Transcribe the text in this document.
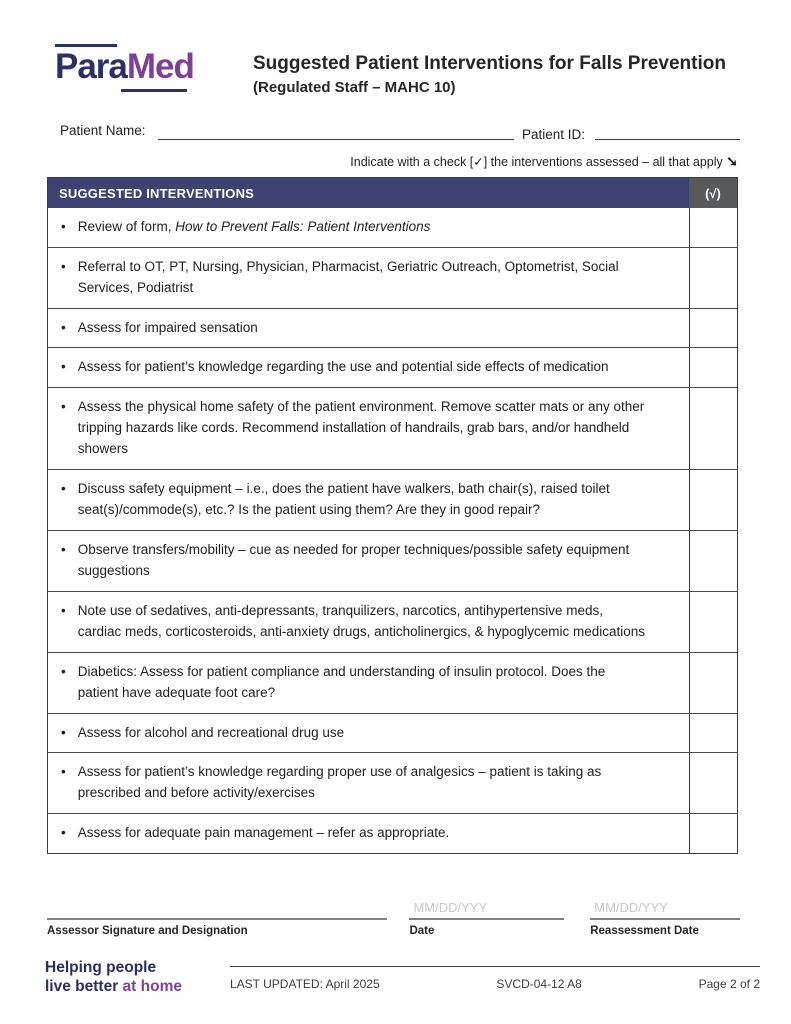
ParaMed	Suggested Patient Interventions for Falls Prevention
(Regulated Staff – MAHC 10)
Patient Name:	Patient ID:
Indicate with a check [✓] the interventions assessed – all that apply ➘
SUGGESTED INTERVENTIONS	(√)
• Review of form, How to Prevent Falls: Patient Interventions
• Referral to OT, PT, Nursing, Physician, Pharmacist, Geriatric Outreach, Optometrist, Social Services, Podiatrist
• Assess for impaired sensation
• Assess for patient’s knowledge regarding the use and potential side effects of medication
• Assess the physical home safety of the patient environment. Remove scatter mats or any other tripping hazards like cords. Recommend installation of handrails, grab bars, and/or handheld showers
• Discuss safety equipment – i.e., does the patient have walkers, bath chair(s), raised toilet seat(s)/commode(s), etc.? Is the patient using them? Are they in good repair?
• Observe transfers/mobility – cue as needed for proper techniques/possible safety equipment suggestions
• Note use of sedatives, anti-depressants, tranquilizers, narcotics, antihypertensive meds, cardiac meds, corticosteroids, anti-anxiety drugs, anticholinergics, & hypoglycemic medications
• Diabetics: Assess for patient compliance and understanding of insulin protocol. Does the patient have adequate foot care?
• Assess for alcohol and recreational drug use
• Assess for patient’s knowledge regarding proper use of analgesics – patient is taking as prescribed and before activity/exercises
• Assess for adequate pain management – refer as appropriate.
Assessor Signature and Designation
MM/DD/YYY
Date
MM/DD/YYY
Reassessment Date
Helping people
live better at home	LAST UPDATED: April 2025	SVCD-04-12 A8	Page 2 of 2
